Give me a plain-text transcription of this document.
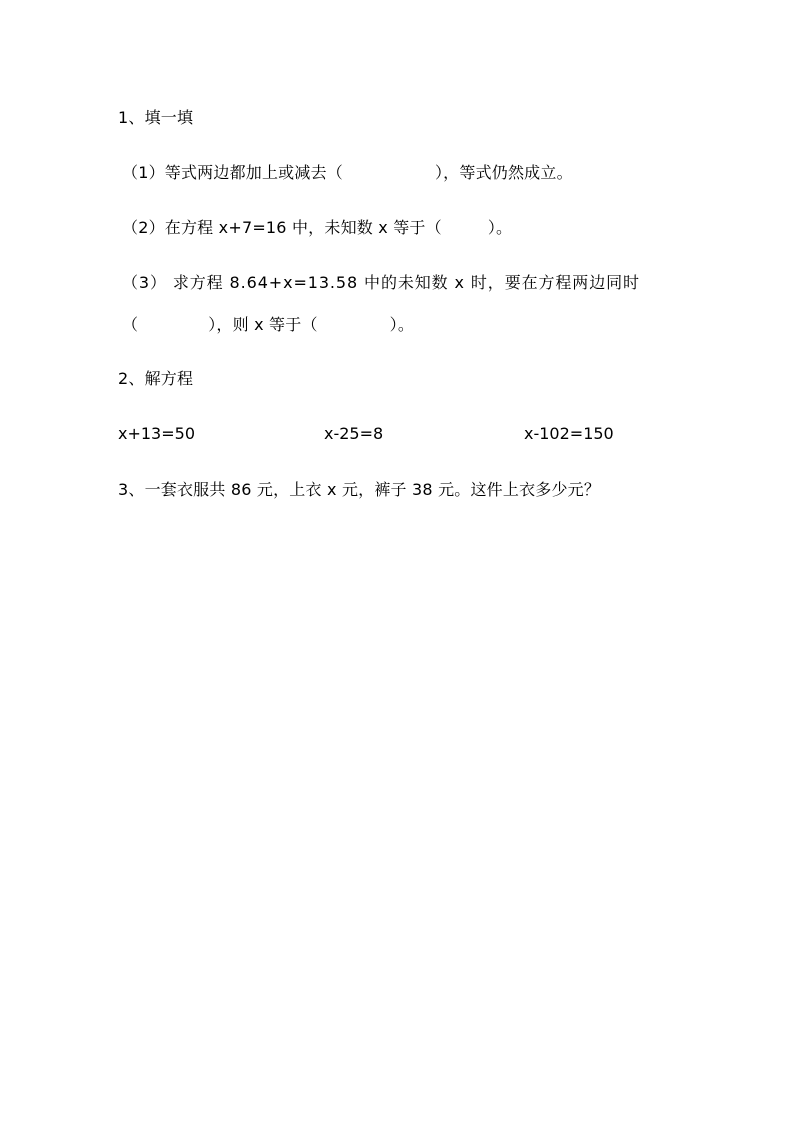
1、填一填
（1）等式两边都加上或减去（	），等式仍然成立。
（2）在方程 x+7=16 中，未知数 x 等于（	）。
（3） 求方程 8.64+x=13.58 中的未知数 x 时，要在方程两边同时
（	），则 x 等于（	）。
2、解方程
x+13=50	x-25=8	x-102=150
3、一套衣服共 86 元，上衣 x 元，裤子 38 元。这件上衣多少元？
